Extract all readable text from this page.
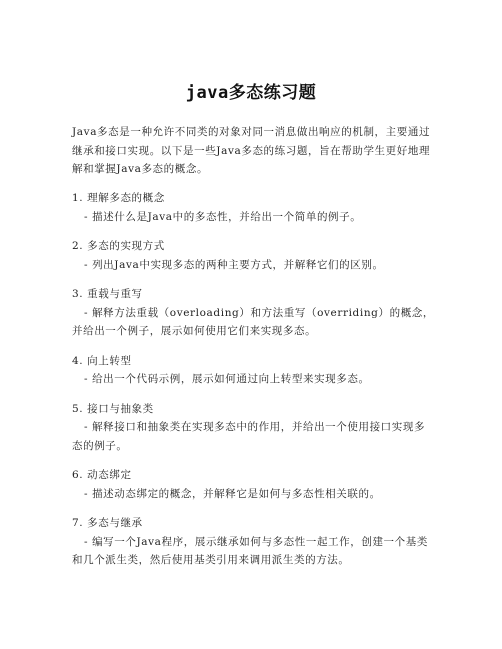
java多态练习题
Java多态是一种允许不同类的对象对同一消息做出响应的机制，主要通过继承和接口实现。以下是一些Java多态的练习题，旨在帮助学生更好地理解和掌握Java多态的概念。
1. 理解多态的概念
- 描述什么是Java中的多态性，并给出一个简单的例子。
2. 多态的实现方式
- 列出Java中实现多态的两种主要方式，并解释它们的区别。
3. 重载与重写
- 解释方法重载（overloading）和方法重写（overriding）的概念，并给出一个例子，展示如何使用它们来实现多态。
4. 向上转型
- 给出一个代码示例，展示如何通过向上转型来实现多态。
5. 接口与抽象类
- 解释接口和抽象类在实现多态中的作用，并给出一个使用接口实现多态的例子。
6. 动态绑定
- 描述动态绑定的概念，并解释它是如何与多态性相关联的。
7. 多态与继承
- 编写一个Java程序，展示继承如何与多态性一起工作，创建一个基类和几个派生类，然后使用基类引用来调用派生类的方法。
